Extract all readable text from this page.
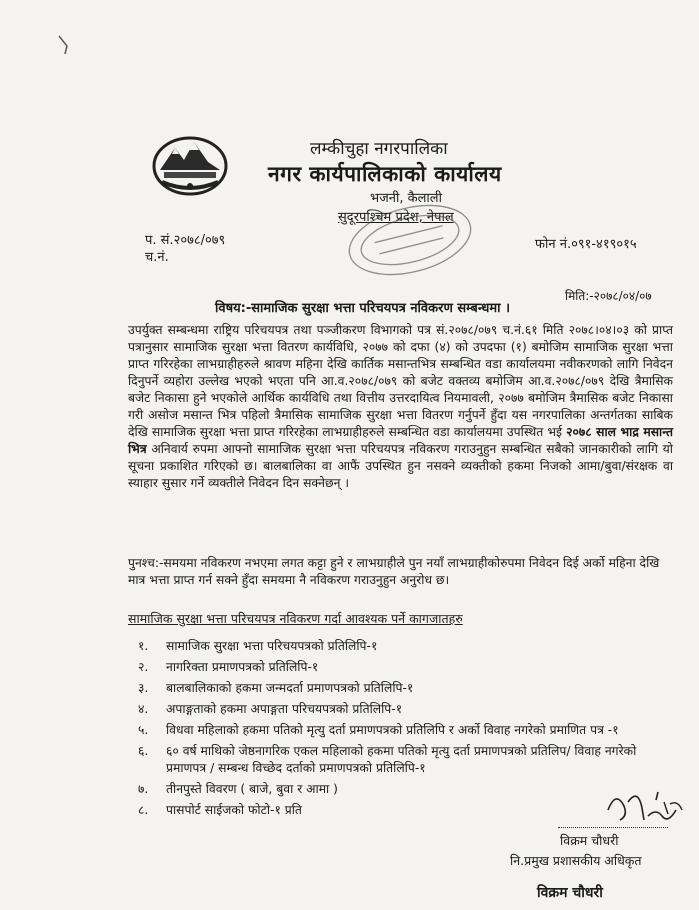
लम्कीचुहा नगरपालिका
नगर कार्यपालिकाको कार्यालय
भजनी, कैलाली
सुदूरपश्चिम प्रदेश, नेपाल
प. सं.२०७८/०७९
च.नं.
फोन नं.०९१-४१९०१५
मिति:-२०७८/०४/०७
विषय:-सामाजिक सुरक्षा भत्ता परिचयपत्र नविकरण सम्बन्धमा ।

उपर्युक्त सम्बन्धमा राष्ट्रिय परिचयपत्र तथा पञ्जीकरण विभागको पत्र सं.२०७८/०७९ च.नं.६१ मिति २०७८।०४।०३ को प्राप्त पत्रानुसार सामाजिक सुरक्षा भत्ता वितरण कार्यविधि, २०७७ को दफा (४) को उपदफा (१) बमोजिम सामाजिक सुरक्षा भत्ता प्राप्त गरिरहेका लाभग्राहीहरुले श्रावण महिना देखि कार्तिक मसान्तभित्र सम्बन्धित वडा कार्यालयमा नवीकरणको लागि निवेदन दिनुपर्ने व्यहोरा उल्लेख भएको भएता पनि आ.व.२०७८/०७९ को बजेट वक्तव्य बमोजिम आ.व.२०७८/०७९ देखि त्रैमासिक बजेट निकासा हुने भएकोले आर्थिक कार्यविधि तथा वित्तीय उत्तरदायित्व नियमावली, २०७७ बमोजिम त्रैमासिक बजेट निकासा गरी असोज मसान्त भित्र पहिलो त्रैमासिक सामाजिक सुरक्षा भत्ता वितरण गर्नुपर्ने हुँदा यस नगरपालिका अन्तर्गतका साबिक देखि सामाजिक सुरक्षा भत्ता प्राप्त गरिरहेका लाभग्राहीहरुले सम्बन्धित वडा कार्यालयमा उपस्थित भई २०७८ साल भाद्र मसान्त भित्र अनिवार्य रुपमा आफ्नो सामाजिक सुरक्षा भत्ता परिचयपत्र नविकरण गराउनुहुन सम्बन्धित सबैको जानकारीको लागि यो सूचना प्रकाशित गरिएको छ। बालबालिका वा आफैं उपस्थित हुन नसक्ने व्यक्तीको हकमा निजको आमा/बुवा/संरक्षक वा स्याहार सुसार गर्ने व्यक्तीले निवेदन दिन सक्नेछन् ।

पुनश्च:-समयमा नविकरण नभएमा लगत कट्टा हुने र लाभग्राहीले पुन नयाँ लाभग्राहीकोरुपमा निवेदन दिई अर्को महिना देखि मात्र भत्ता प्राप्त गर्न सक्ने हुँदा समयमा नै नविकरण गराउनुहुन अनुरोध छ।

सामाजिक सुरक्षा भत्ता परिचयपत्र नविकरण गर्दा आवश्यक पर्ने कागजातहरु
१.	सामाजिक सुरक्षा भत्ता परिचयपत्रको प्रतिलिपि-१
२.	नागरिक्ता प्रमाणपत्रको प्रतिलिपि-१
३.	बालबालिकाको हकमा जन्मदर्ता प्रमाणपत्रको प्रतिलिपि-१
४.	अपाङ्गताको हकमा अपाङ्गता परिचयपत्रको प्रतिलिपि-१
५.	विधवा महिलाको हकमा पतिको मृत्यु दर्ता प्रमाणपत्रको प्रतिलिपि र अर्को विवाह नगरेको प्रमाणित पत्र -१
६.	६० वर्ष माथिको जेष्ठनागरिक एकल महिलाको हकमा पतिको मृत्यु दर्ता प्रमाणपत्रको प्रतिलिप/ विवाह नगरेको प्रमाणपत्र / सम्बन्ध विच्छेद दर्ताको प्रमाणपत्रको प्रतिलिपि-१
७.	तीनपुस्ते विवरण ( बाजे, बुवा र आमा )
८.	पासपोर्ट साईजको फोटो-१ प्रति
विक्रम चौधरी
नि.प्रमुख प्रशासकीय अधिकृत
विक्रम चौधरी
